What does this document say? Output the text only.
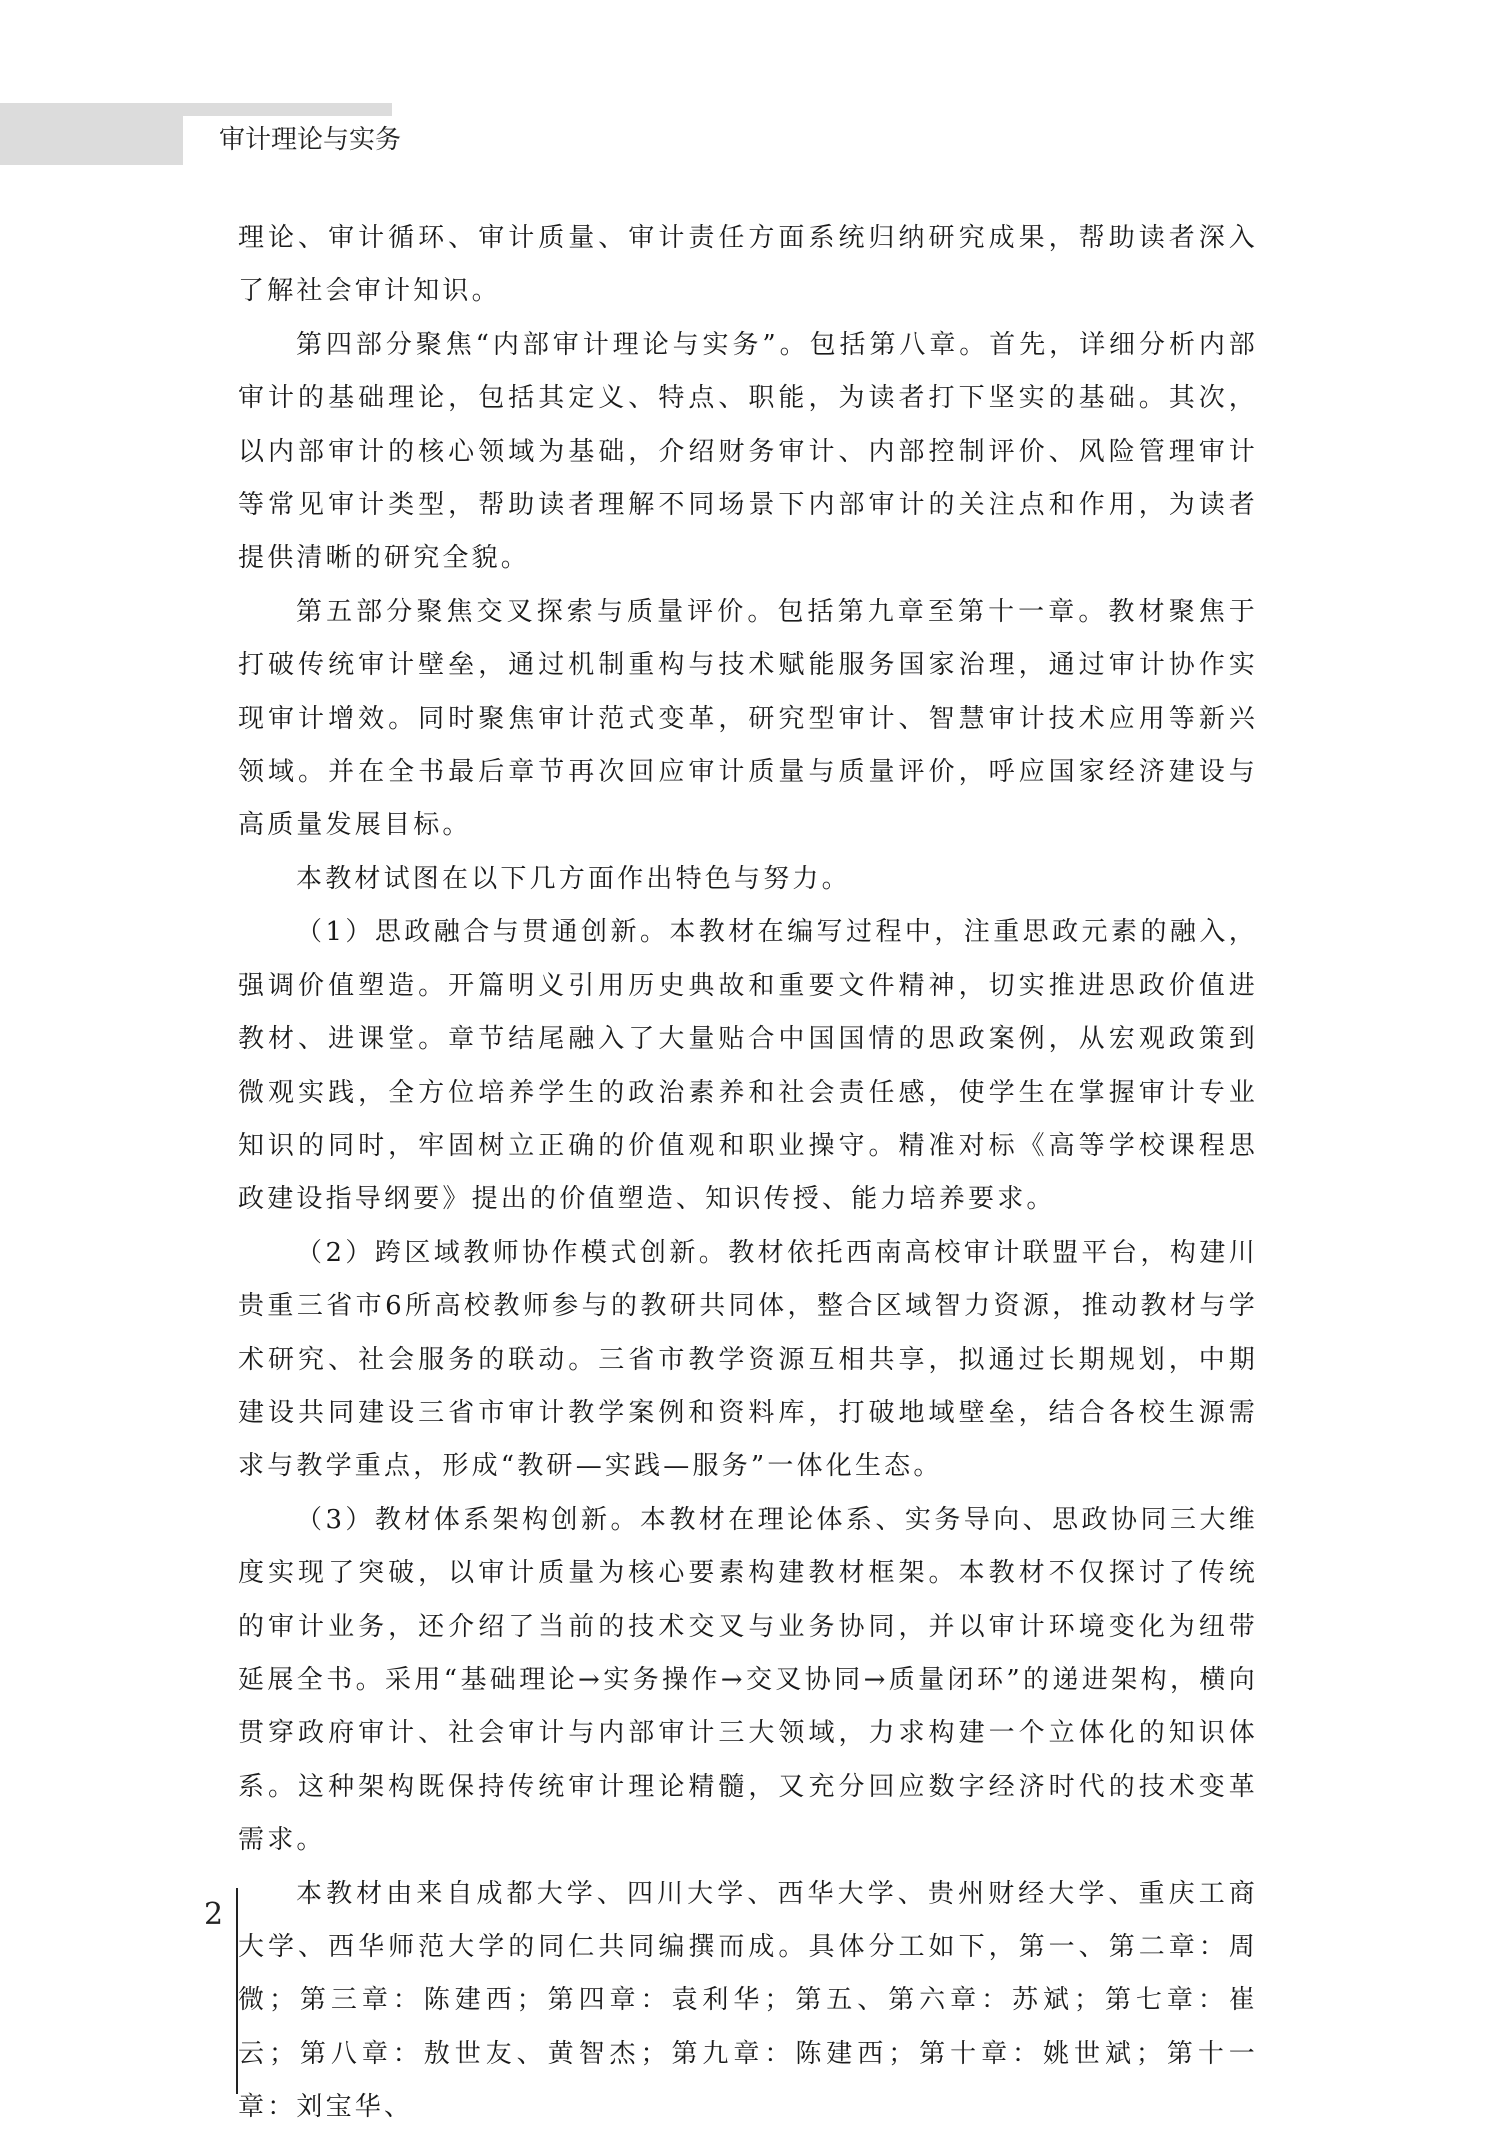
审计理论与实务

理论、审计循环、审计质量、审计责任方面系统归纳研究成果，帮助读者深入了解社会审计知识。

第四部分聚焦“内部审计理论与实务”。包括第八章。首先，详细分析内部审计的基础理论，包括其定义、特点、职能，为读者打下坚实的基础。其次，以内部审计的核心领域为基础，介绍财务审计、内部控制评价、风险管理审计等常见审计类型，帮助读者理解不同场景下内部审计的关注点和作用，为读者提供清晰的研究全貌。

第五部分聚焦交叉探索与质量评价。包括第九章至第十一章。教材聚焦于打破传统审计壁垒，通过机制重构与技术赋能服务国家治理，通过审计协作实现审计增效。同时聚焦审计范式变革，研究型审计、智慧审计技术应用等新兴领域。并在全书最后章节再次回应审计质量与质量评价，呼应国家经济建设与高质量发展目标。

本教材试图在以下几方面作出特色与努力。

（1）思政融合与贯通创新。本教材在编写过程中，注重思政元素的融入，强调价值塑造。开篇明义引用历史典故和重要文件精神，切实推进思政价值进教材、进课堂。章节结尾融入了大量贴合中国国情的思政案例，从宏观政策到微观实践，全方位培养学生的政治素养和社会责任感，使学生在掌握审计专业知识的同时，牢固树立正确的价值观和职业操守。精准对标《高等学校课程思政建设指导纲要》提出的价值塑造、知识传授、能力培养要求。

（2）跨区域教师协作模式创新。教材依托西南高校审计联盟平台，构建川贵重三省市6所高校教师参与的教研共同体，整合区域智力资源，推动教材与学术研究、社会服务的联动。三省市教学资源互相共享，拟通过长期规划，中期建设共同建设三省市审计教学案例和资料库，打破地域壁垒，结合各校生源需求与教学重点，形成“教研—实践—服务”一体化生态。

（3）教材体系架构创新。本教材在理论体系、实务导向、思政协同三大维度实现了突破，以审计质量为核心要素构建教材框架。本教材不仅探讨了传统的审计业务，还介绍了当前的技术交叉与业务协同，并以审计环境变化为纽带延展全书。采用“基础理论→实务操作→交叉协同→质量闭环”的递进架构，横向贯穿政府审计、社会审计与内部审计三大领域，力求构建一个立体化的知识体系。这种架构既保持传统审计理论精髓，又充分回应数字经济时代的技术变革需求。

本教材由来自成都大学、四川大学、西华大学、贵州财经大学、重庆工商大学、西华师范大学的同仁共同编撰而成。具体分工如下，第一、第二章：周微；第三章：陈建西；第四章：袁利华；第五、第六章：苏斌；第七章：崔云；第八章：敖世友、黄智杰；第九章：陈建西；第十章：姚世斌；第十一章：刘宝华、

2
